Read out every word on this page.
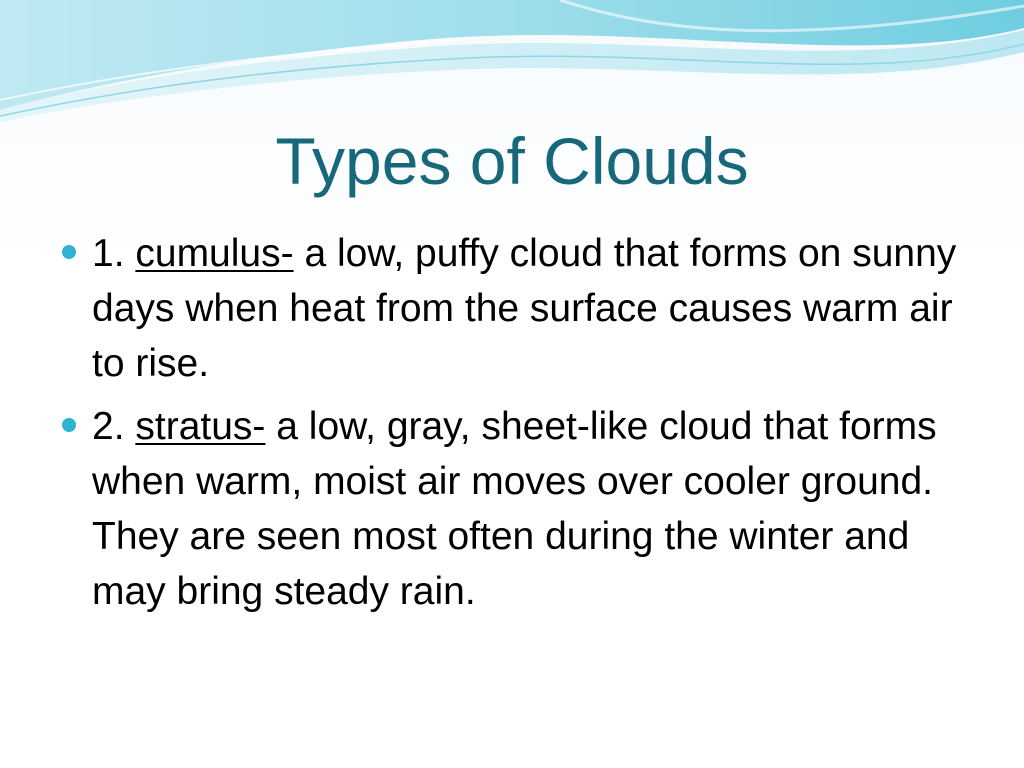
Types of Clouds
1. cumulus- a low, puffy cloud that forms on sunny days when heat from the surface causes warm air to rise.
2. stratus- a low, gray, sheet-like cloud that forms when warm, moist air moves over cooler ground. They are seen most often during the winter and may bring steady rain.
